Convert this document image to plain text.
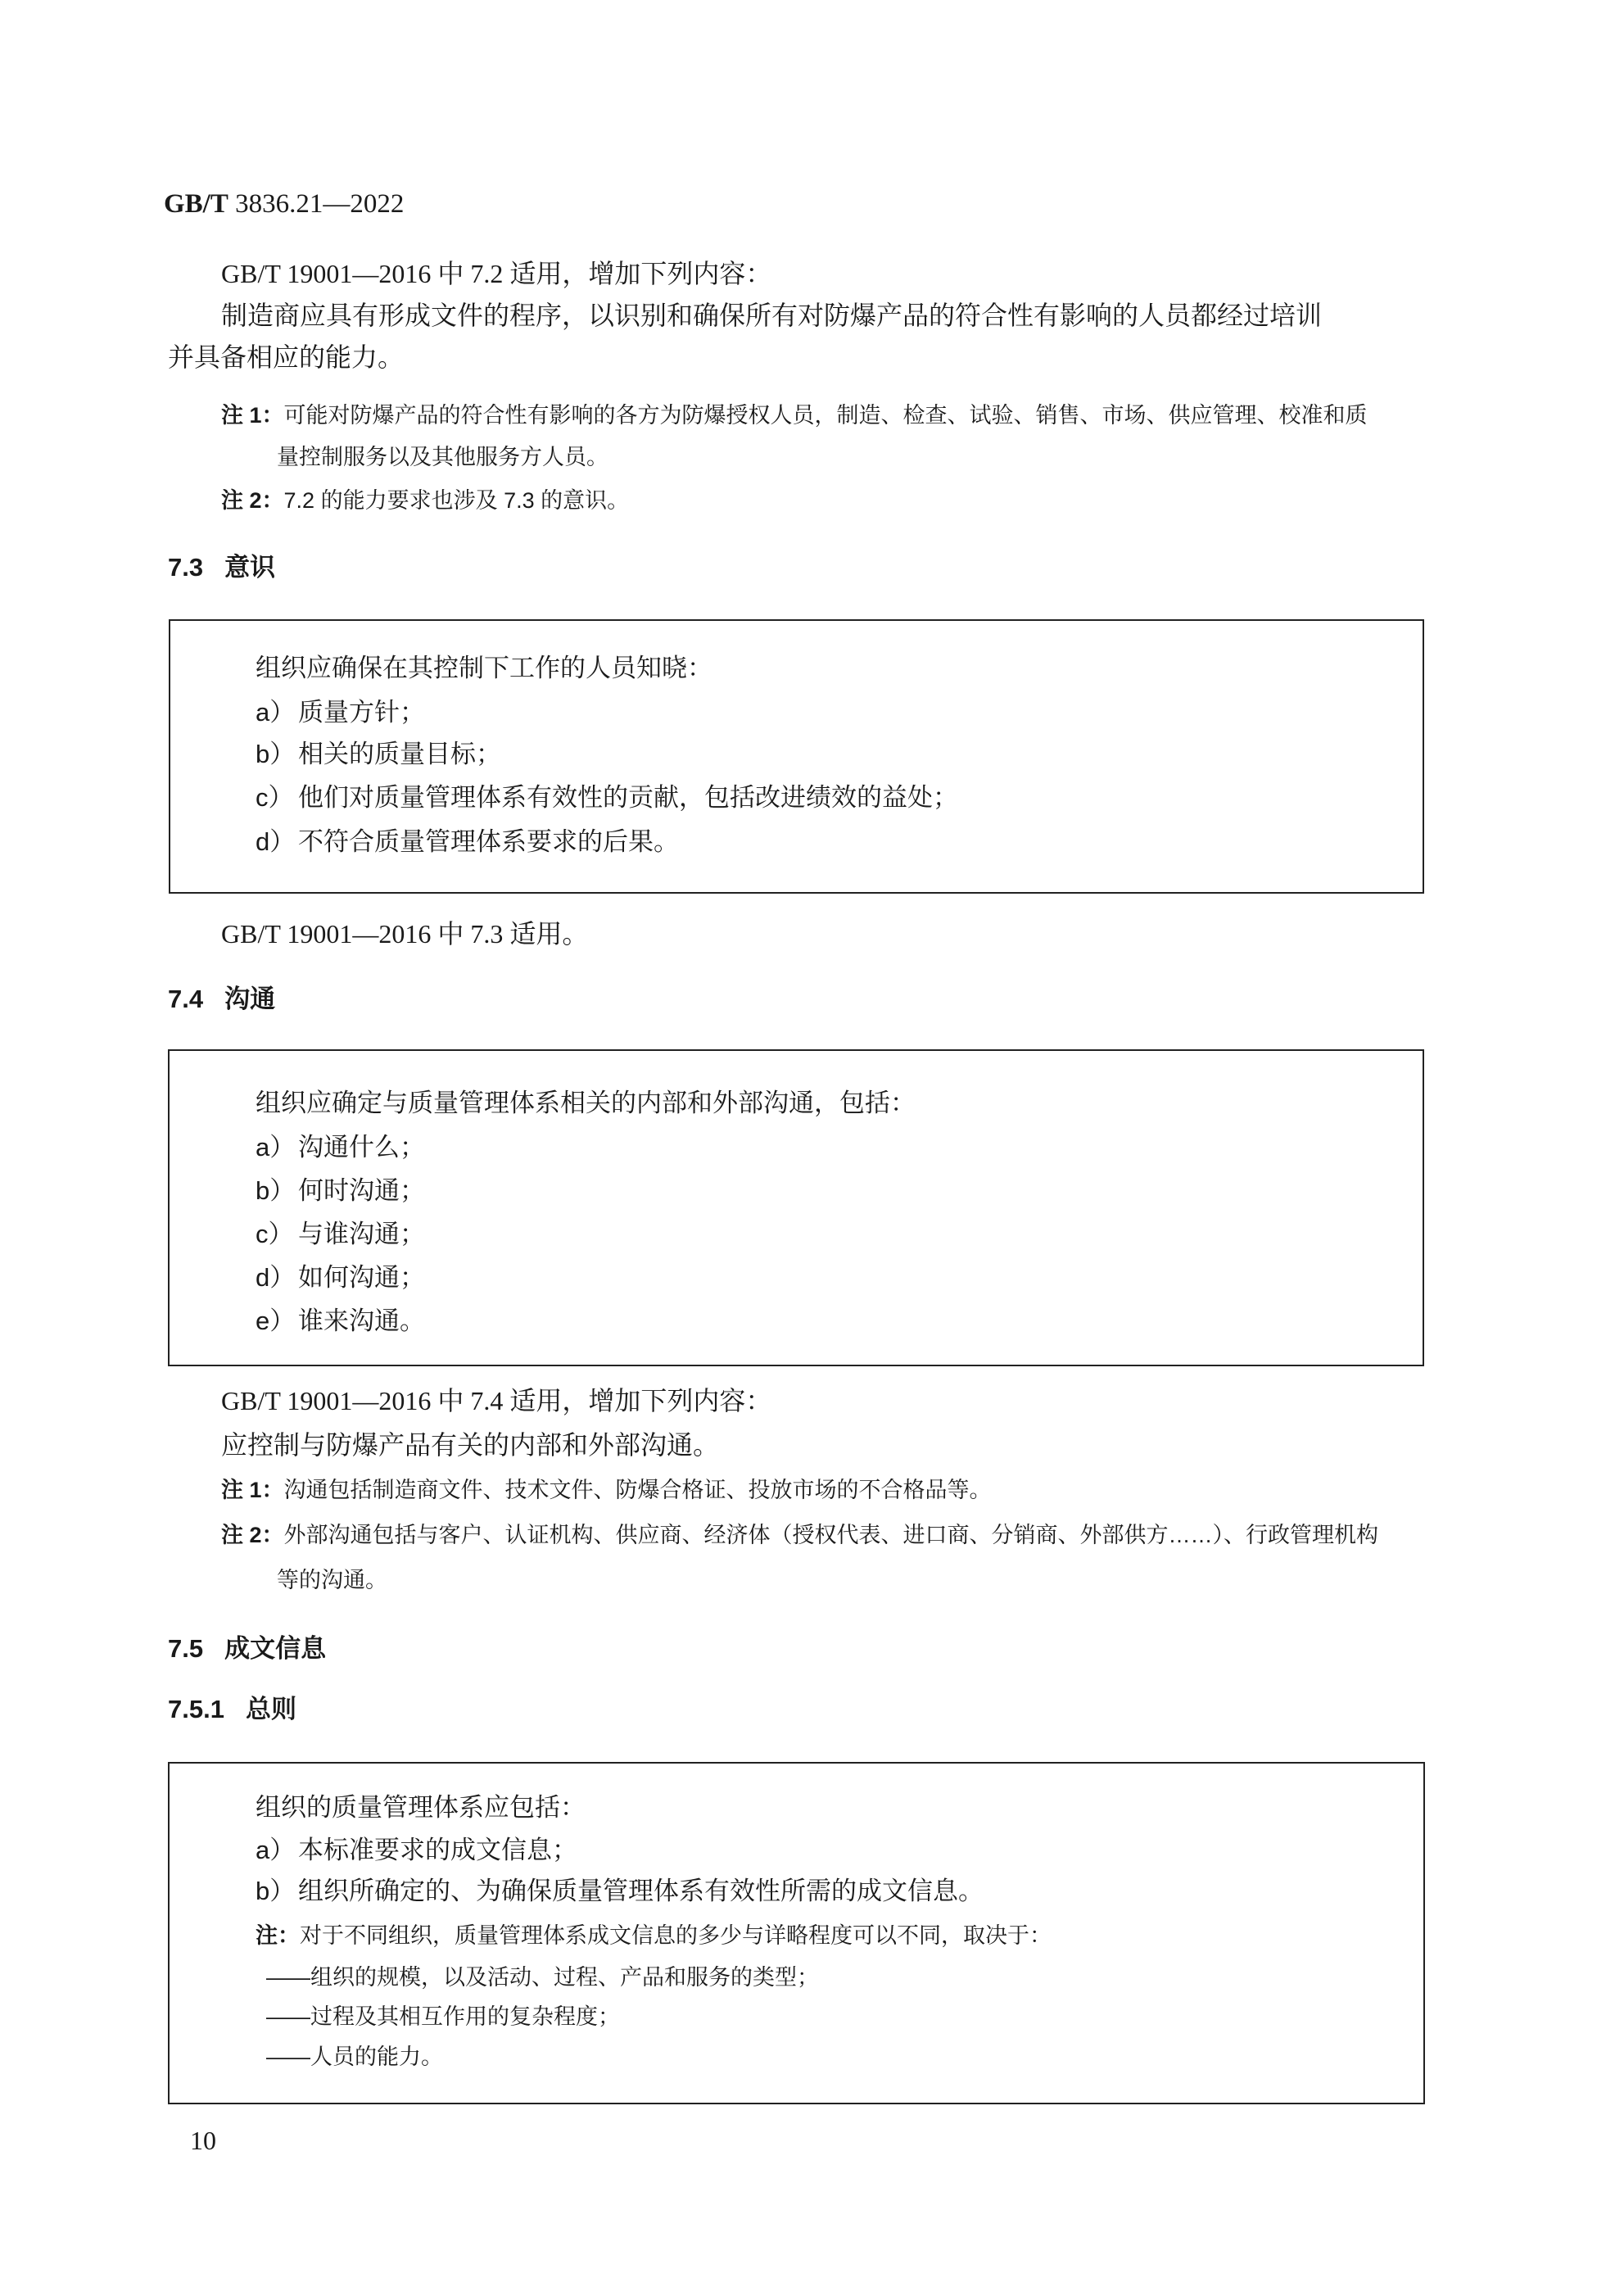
GB/T 3836.21—2022
GB/T 19001—2016 中 7.2 适用，增加下列内容：
制造商应具有形成文件的程序，以识别和确保所有对防爆产品的符合性有影响的人员都经过培训
并具备相应的能力。
注 1：可能对防爆产品的符合性有影响的各方为防爆授权人员，制造、检查、试验、销售、市场、供应管理、校准和质
量控制服务以及其他服务方人员。
注 2：7.2 的能力要求也涉及 7.3 的意识。
7.3 意识
组织应确保在其控制下工作的人员知晓：
a） 质量方针；
b） 相关的质量目标；
c） 他们对质量管理体系有效性的贡献，包括改进绩效的益处；
d） 不符合质量管理体系要求的后果。
GB/T 19001—2016 中 7.3 适用。
7.4 沟通
组织应确定与质量管理体系相关的内部和外部沟通，包括：
a） 沟通什么；
b） 何时沟通；
c） 与谁沟通；
d） 如何沟通；
e） 谁来沟通。
GB/T 19001—2016 中 7.4 适用，增加下列内容：
应控制与防爆产品有关的内部和外部沟通。
注 1：沟通包括制造商文件、技术文件、防爆合格证、投放市场的不合格品等。
注 2：外部沟通包括与客户、认证机构、供应商、经济体（授权代表、进口商、分销商、外部供方……）、行政管理机构
等的沟通。
7.5 成文信息
7.5.1 总则
组织的质量管理体系应包括：
a） 本标准要求的成文信息；
b） 组织所确定的、为确保质量管理体系有效性所需的成文信息。
注：对于不同组织，质量管理体系成文信息的多少与详略程度可以不同，取决于：
——组织的规模，以及活动、过程、产品和服务的类型；
——过程及其相互作用的复杂程度；
——人员的能力。
10
